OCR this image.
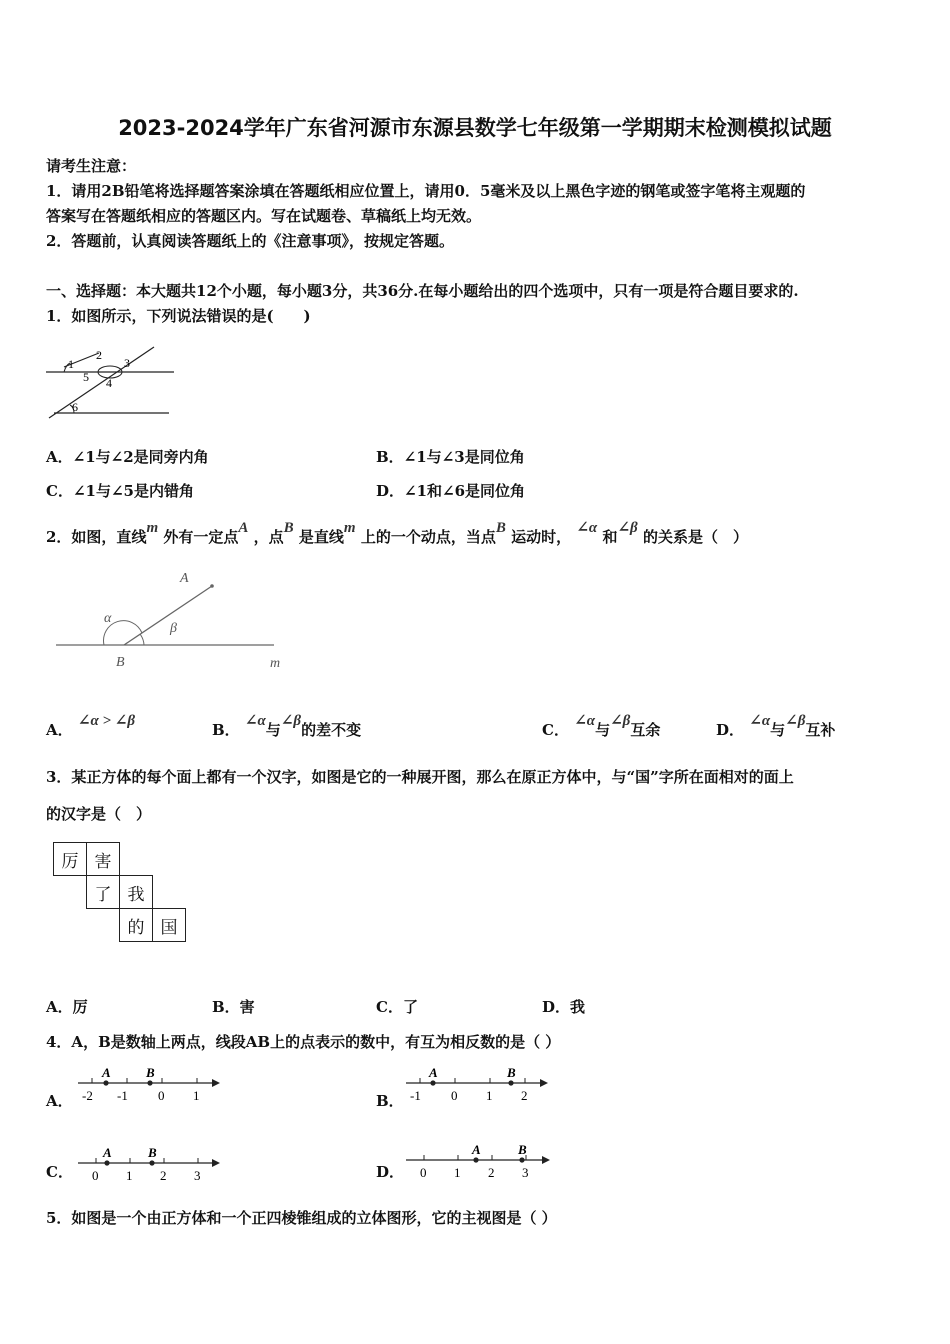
2023-2024学年广东省河源市东源县数学七年级第一学期期末检测模拟试题
请考生注意：
1．请用2B铅笔将选择题答案涂填在答题纸相应位置上，请用0．5毫米及以上黑色字迹的钢笔或签字笔将主观题的
答案写在答题纸相应的答题区内。写在试题卷、草稿纸上均无效。
2．答题前，认真阅读答题纸上的《注意事项》，按规定答题。
一、选择题：本大题共12个小题，每小题3分，共36分.在每小题给出的四个选项中，只有一项是符合题目要求的.
1．如图所示，下列说法错误的是(　　)
1
2
3
5 4
6
A．∠1与∠2是同旁内角	B．∠1与∠3是同位角
C．∠1与∠5是内错角	D．∠1和∠6是同位角
2．如图，直线m 外有一定点A ，点B 是直线m 上的一个动点，当点B 运动时， ∠α 和∠β 的关系是（　）
A
α
β
B	m
A． ∠α > ∠β	B． ∠α与∠β的差不变	C． ∠α与∠β互余	D． ∠α与∠β互补
3．某正方体的每个面上都有一个汉字，如图是它的一种展开图，那么在原正方体中，与“国”字所在面相对的面上
的汉字是（　）
厉	害		
	了	我	
		的	国
A．厉	B．害	C．了	D．我
4．A，B是数轴上两点，线段AB上的点表示的数中，有互为相反数的是（ ）
A．
A	B
-2 -1 0 1	B．
A	B
-1 0 1 2
C．
A	B
0 1 2 3	D．
A	B
0 1 2 3
5．如图是一个由正方体和一个正四棱锥组成的立体图形，它的主视图是（ ）
